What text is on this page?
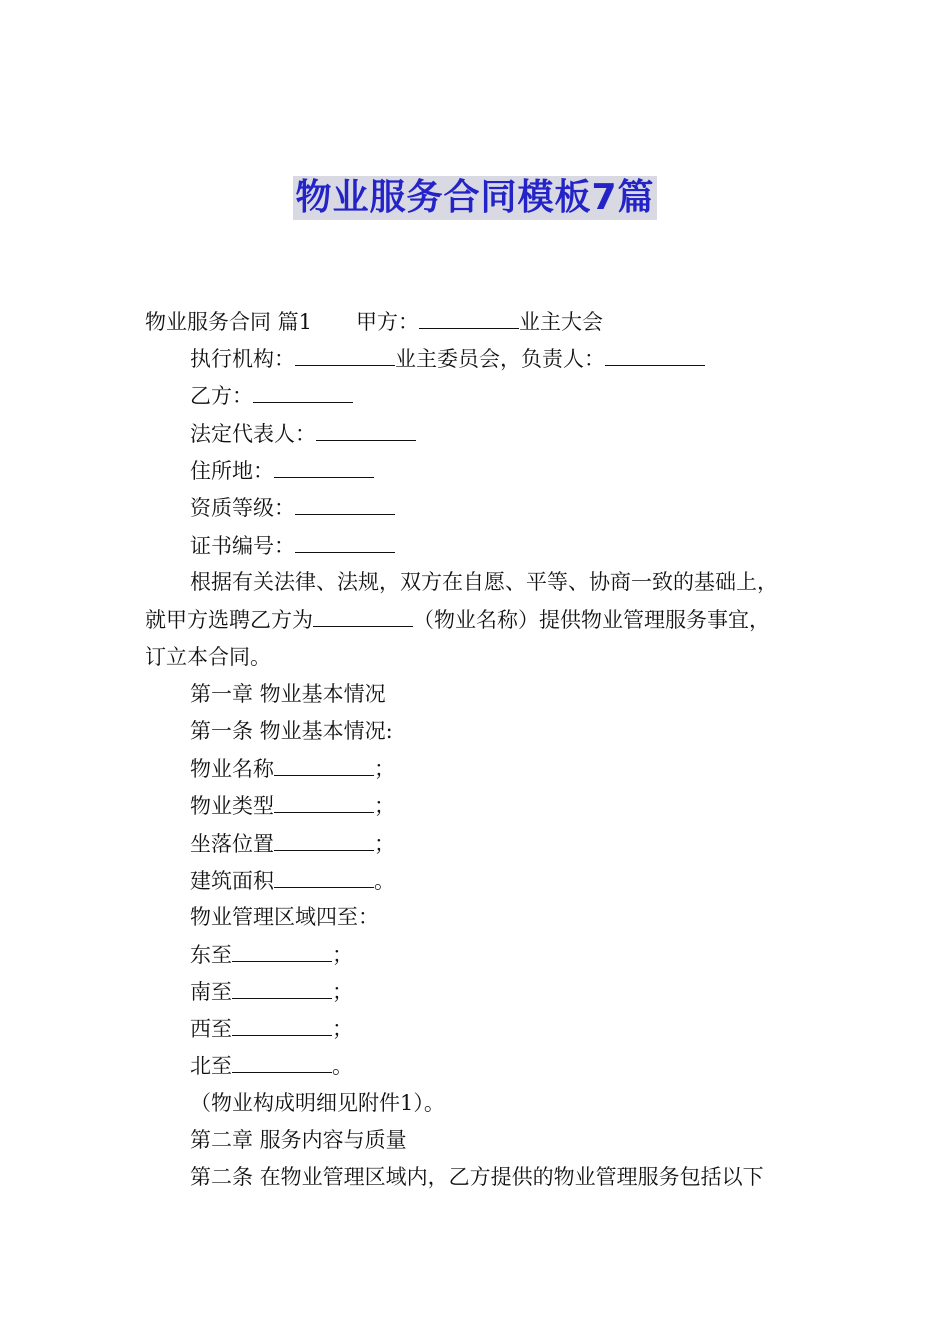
物业服务合同模板7篇
物业服务合同 篇1 甲方：	业主大会
执行机构：	业主委员会，负责人：
乙方：
法定代表人：
住所地：
资质等级：
证书编号：
根据有关法律、法规，双方在自愿、平等、协商一致的基础上，
就甲方选聘乙方为	（物业名称）提供物业管理服务事宜，
订立本合同。
第一章 物业基本情况
第一条 物业基本情况:
物业名称	；
物业类型	；
坐落位置	；
建筑面积	。
物业管理区域四至：
东至	；
南至	；
西至	；
北至	。
（物业构成明细见附件1）。
第二章 服务内容与质量
第二条 在物业管理区域内，乙方提供的物业管理服务包括以下
